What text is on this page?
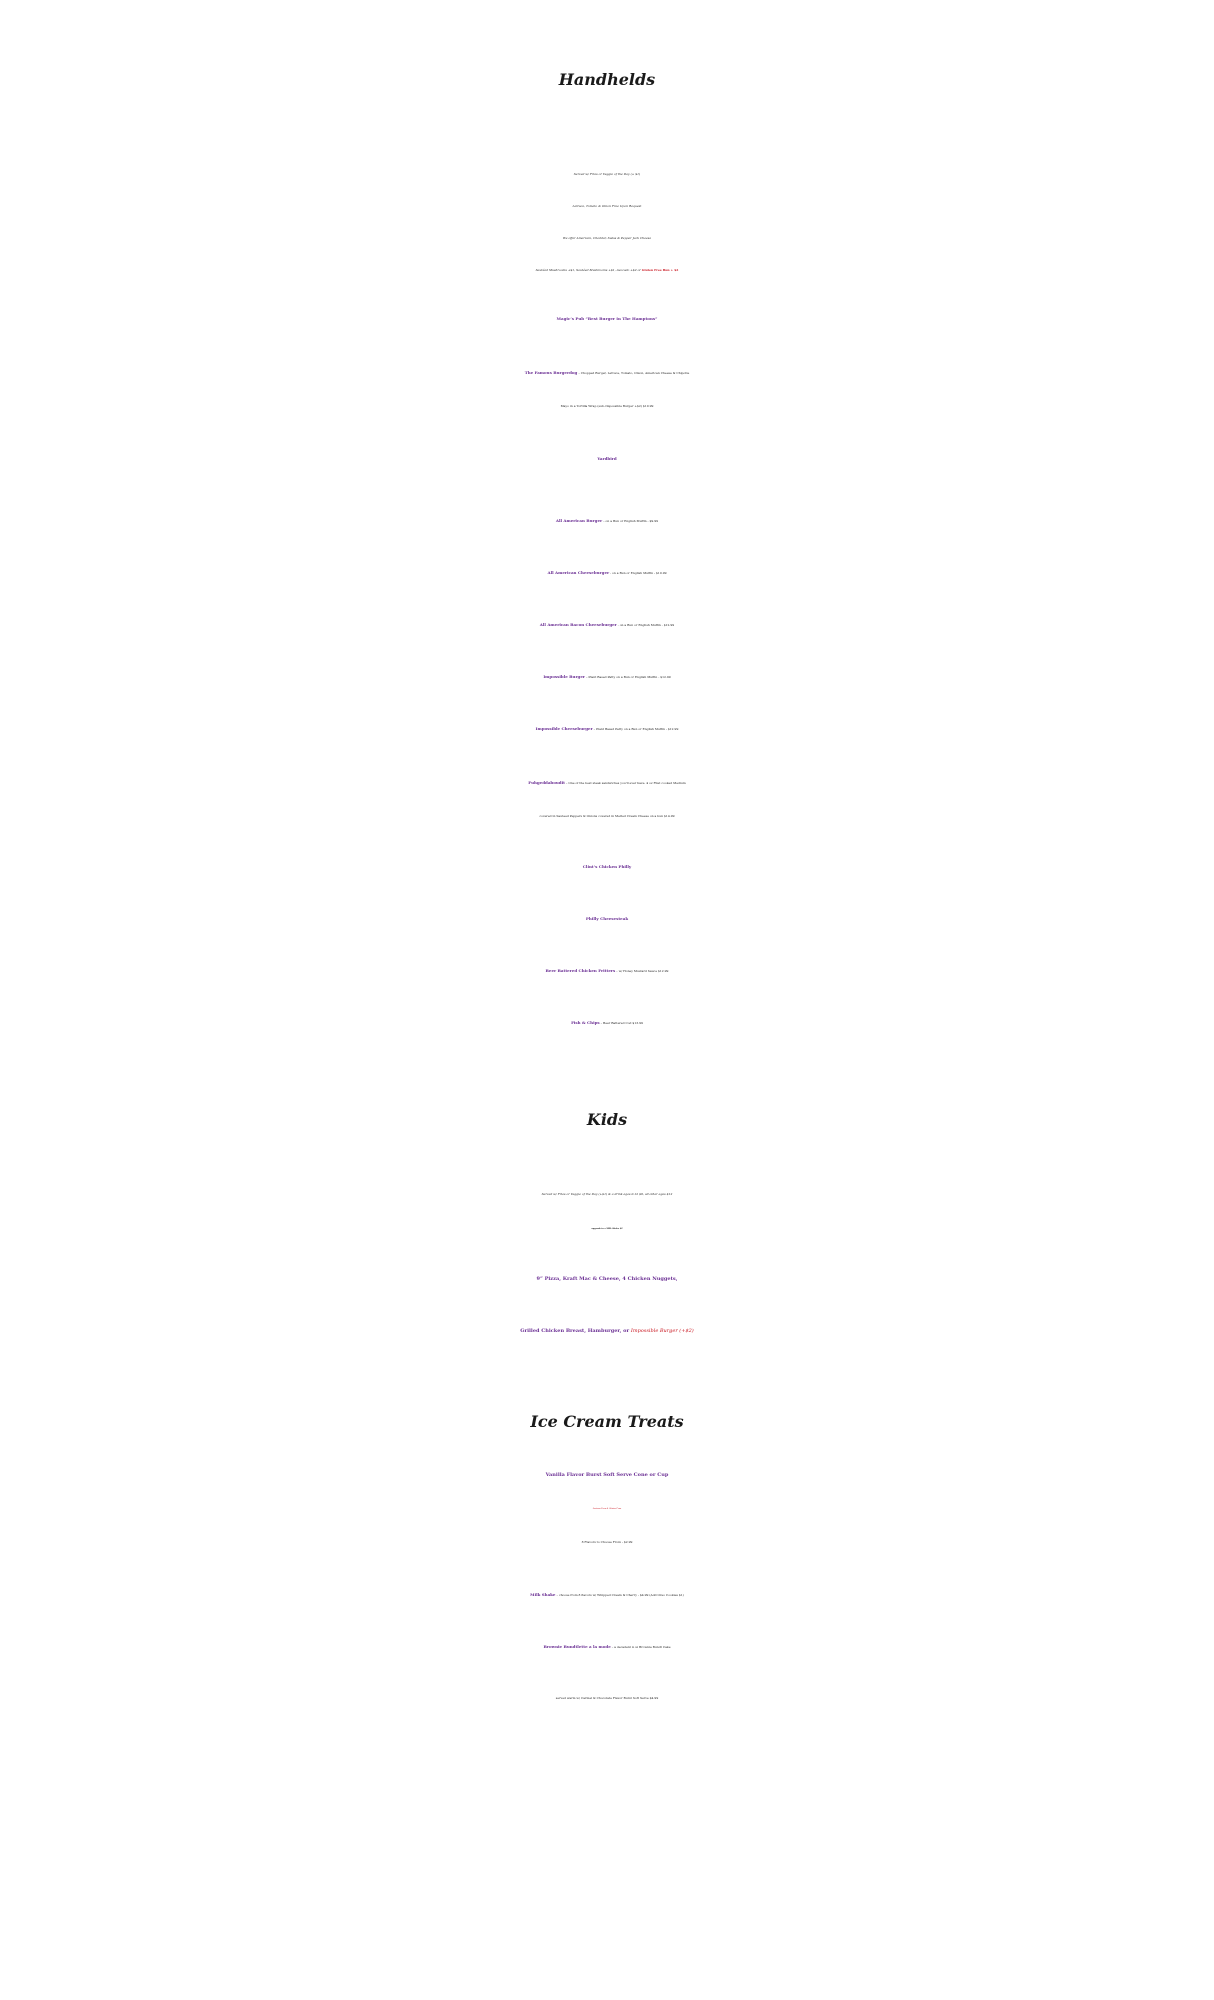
Handhelds
Served w/ Fries or Veggie of the Day (+ $1)
Lettuce, Tomato & Onion Free Upon Request
We offer American, Cheddar, Swiss & Pepper Jack Cheese
Sautéed Mushrooms +$1, Sautéed Mushrooms +$1, Avocado +$2 or Gluten Free Bun + $2
Magic’s Pub “Best Burger in The Hamptons”
The Famous Burgerdog – Chopped Burger, Lettuce, Tomato, Onion, American Cheese & Chipotle
Mayo in a Tortilla Wrap (sub–Impossible Burger +$2) $10.99
Yardbird
All American Burger – on a Bun or English Muffin - $9.99
All American Cheeseburger - on a Bun or English Muffin - $10.99
All American Bacon Cheeseburger - on a Bun or English Muffin - $12.99
Impossible Burger – Plant Based Patty on a Bun or English Muffin - $12.99
Impossible Cheeseburger – Plant Based Patty on a Bun or English Muffin - $12.99
Fuhgeddaboudit – One of the best steak sandwiches you’ll ever have. 4 oz Filet cooked Medium
covered in Sauteed Peppers & Onions covered in Melted Cream Cheese on a bun $14.99
Clint’s Chicken Philly
Philly Cheesesteak
Beer Battered Chicken Fritters – w/ Honey Mustard Sauce $12.99
Fish & Chips – Beer Battered Cod $13.99
Kids
Served w/ Fries or Veggie of the Day (+$1) & a drink ages 0-12 $6, all other ages $12
upgrade to a Milk Shake $2
9” Pizza, Kraft Mac & Cheese, 4 Chicken Nuggets,
Grilled Chicken Breast, Hamburger, or Impossible Burger (+$2)
Ice Cream Treats
Vanilla Flavor Burst Soft Serve Cone or Cup
Lactose Free & Gluten Free
8 Flavors to Choose From - $2.99
Milk Shake – choose from 8 flavors w/ Whipped Cream & Cherry - $4.99 (Add Oreo Cookies $1)
Brownie Bundtlette a la mode – a decadent 4 oz Brownie Bundt Cake
served warm w/ Carmel & Chocolate Flavor Burst Soft Serve $4.99
